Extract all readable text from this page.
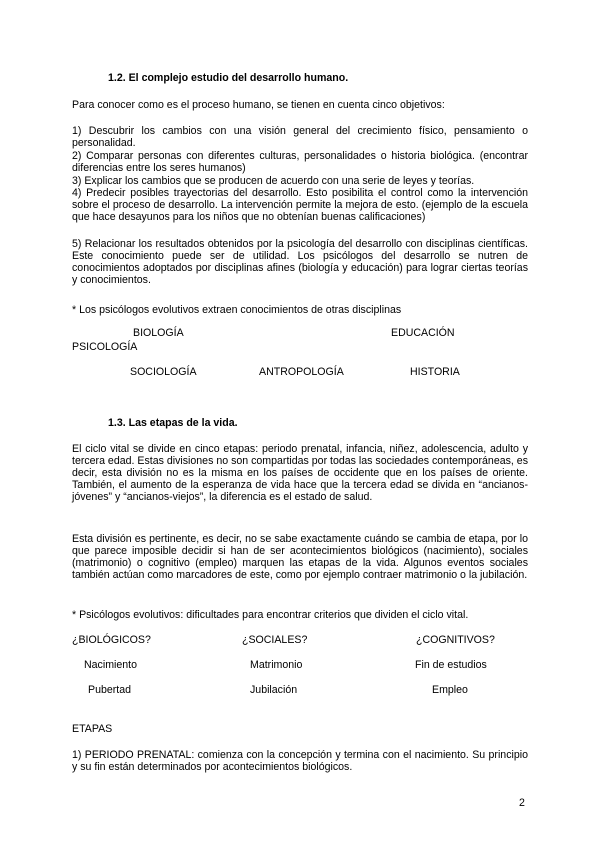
1.2. El complejo estudio del desarrollo humano.
Para conocer como es el proceso humano, se tienen en cuenta cinco objetivos:
1) Descubrir los cambios con una visión general del crecimiento físico, pensamiento o personalidad.
2) Comparar personas con diferentes culturas, personalidades o historia biológica. (encontrar diferencias entre los seres humanos)
3) Explicar los cambios que se producen de acuerdo con una serie de leyes y teorías.
4) Predecir posibles trayectorias del desarrollo. Esto posibilita el control como la intervención sobre el proceso de desarrollo. La intervención permite la mejora de esto. (ejemplo de la escuela que hace desayunos para los niños que no obtenían buenas calificaciones)
5) Relacionar los resultados obtenidos por la psicología del desarrollo con disciplinas científicas. Este conocimiento puede ser de utilidad. Los psicólogos del desarrollo se nutren de conocimientos adoptados por disciplinas afines (biología y educación) para lograr ciertas teorías y conocimientos.
* Los psicólogos evolutivos extraen conocimientos de otras disciplinas
BIOLOGÍA	EDUCACIÓN
PSICOLOGÍA
SOCIOLOGÍA	ANTROPOLOGÍA	HISTORIA
1.3. Las etapas de la vida.
El ciclo vital se divide en cinco etapas: periodo prenatal, infancia, niñez, adolescencia, adulto y tercera edad. Estas divisiones no son compartidas por todas las sociedades contemporáneas, es decir, esta división no es la misma en los países de occidente que en los países de oriente. También, el aumento de la esperanza de vida hace que la tercera edad se divida en “ancianos- jóvenes” y “ancianos-viejos”, la diferencia es el estado de salud.
Esta división es pertinente, es decir, no se sabe exactamente cuándo se cambia de etapa, por lo que parece imposible decidir si han de ser acontecimientos biológicos (nacimiento), sociales (matrimonio) o cognitivo (empleo) marquen las etapas de la vida. Algunos eventos sociales también actúan como marcadores de este, como por ejemplo contraer matrimonio o la jubilación.
* Psicólogos evolutivos: dificultades para encontrar criterios que dividen el ciclo vital.
¿BIOLÓGICOS?	¿SOCIALES?	¿COGNITIVOS?
Nacimiento	Matrimonio	Fin de estudios
Pubertad	Jubilación	Empleo
ETAPAS
1) PERIODO PRENATAL: comienza con la concepción y termina con el nacimiento. Su principio y su fin están determinados por acontecimientos biológicos.
2
